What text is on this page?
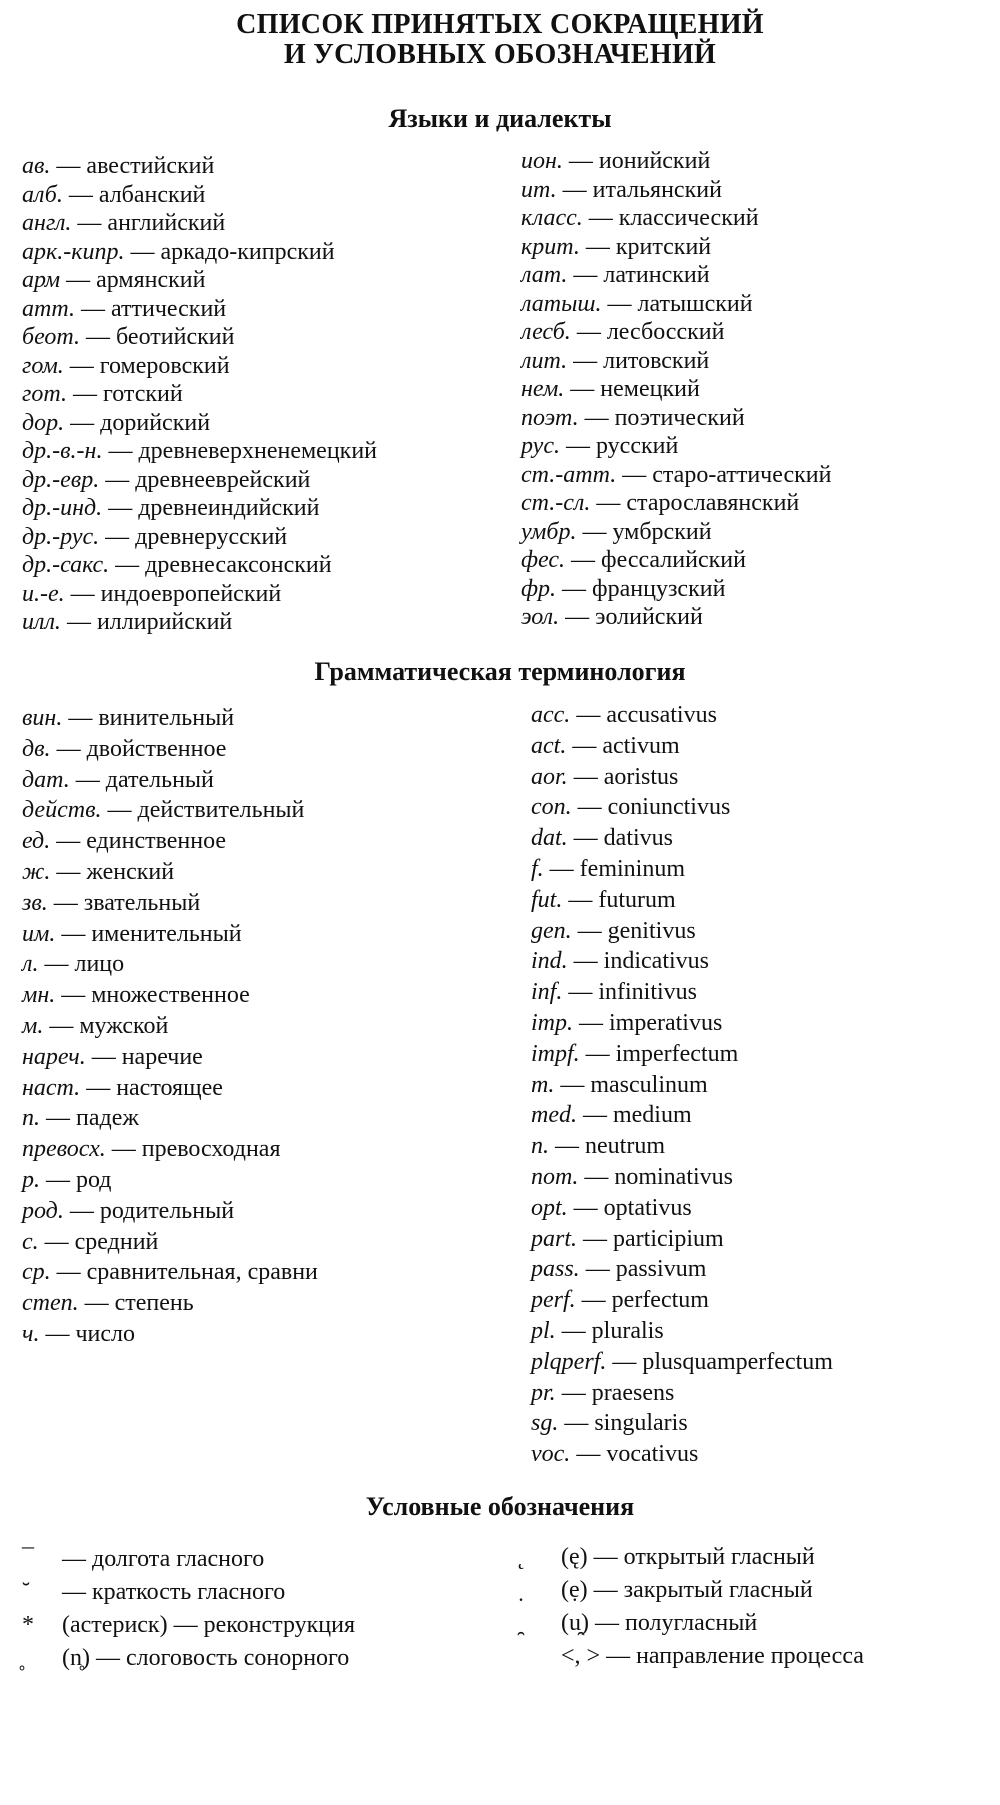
СПИСОК ПРИНЯТЫХ СОКРАЩЕНИЙ
И УСЛОВНЫХ ОБОЗНАЧЕНИЙ
Языки и диалекты
ав. — авестийский
алб. — албанский
англ. — английский
арк.-кипр. — аркадо-кипрский
арм — армянский
атт. — аттический
беот. — беотийский
гом. — гомеровский
гот. — готский
дор. — дорийский
др.-в.-н. — древневерхненемецкий
др.-евр. — древнееврейский
др.-инд. — древнеиндийский
др.-рус. — древнерусский
др.-сакс. — древнесаксонский
и.-е. — индоевропейский
илл. — иллирийский
ион. — ионийский
ит. — итальянский
класс. — классический
крит. — критский
лат. — латинский
латыш. — латышский
лесб. — лесбосский
лит. — литовский
нем. — немецкий
поэт. — поэтический
рус. — русский
ст.-атт. — старо-аттический
ст.-сл. — старославянский
умбр. — умбрский
фес. — фессалийский
фр. — французский
эол. — эолийский
Грамматическая терминология
вин. — винительный
дв. — двойственное
дат. — дательный
действ. — действительный
ед. — единственное
ж. — женский
зв. — звательный
им. — именительный
л. — лицо
мн. — множественное
м. — мужской
нареч. — наречие
наст. — настоящее
п. — падеж
превосх. — превосходная
р. — род
род. — родительный
с. — средний
ср. — сравнительная, сравни
степ. — степень
ч. — число
acc. — accusativus
act. — activum
aor. — aoristus
con. — coniunctivus
dat. — dativus
f. — femininum
fut. — futurum
gen. — genitivus
ind. — indicativus
inf. — infinitivus
imp. — imperativus
impf. — imperfectum
m. — masculinum
med. — medium
n. — neutrum
nom. — nominativus
opt. — optativus
part. — participium
pass. — passivum
perf. — perfectum
pl. — pluralis
plqperf. — plusquamperfectum
pr. — praesens
sg. — singularis
voc. — vocativus
Условные обозначения
¯ — долгота гласного
˘ — краткость гласного
* (астериск) — реконструкция
(n̥) — слоговость сонорного
(ę) — открытый гласный
(ẹ) — закрытый гласный
(u̯) — полугласный
<, > — направление процесса
